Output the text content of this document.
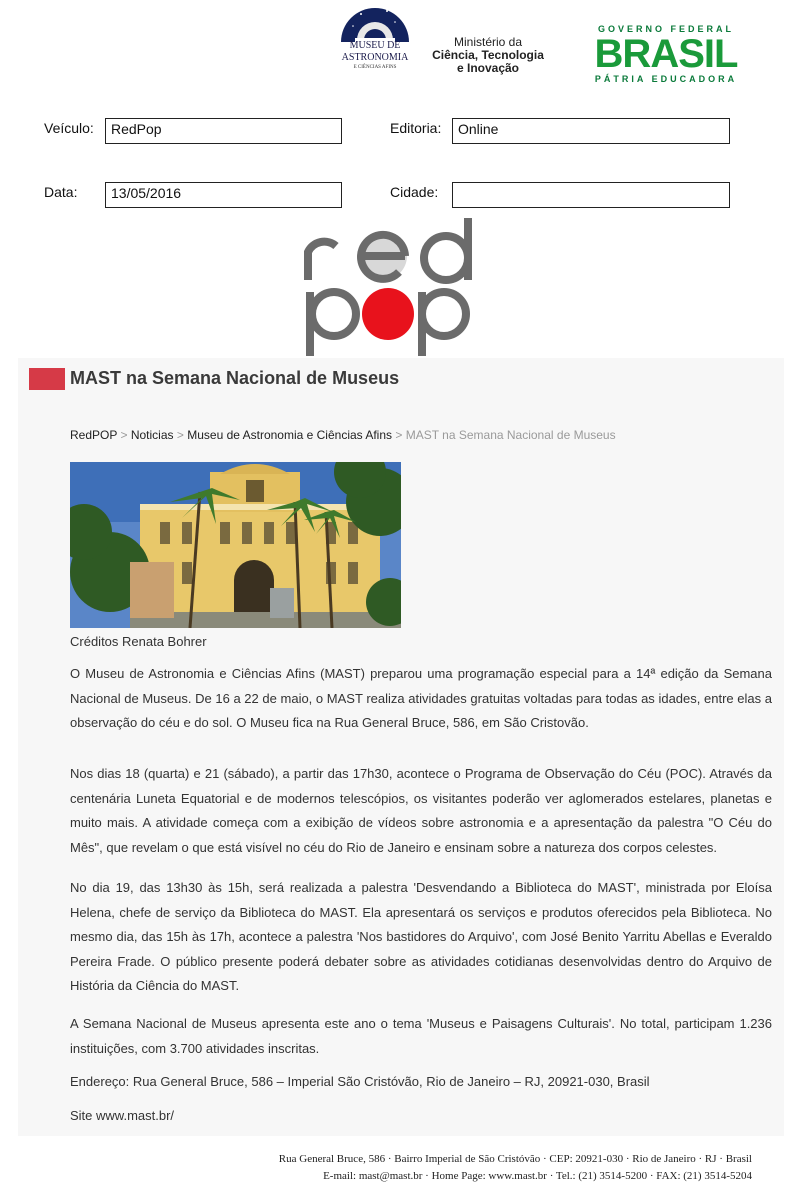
MUSEU DE
ASTRONOMIA
E CIÊNCIAS AFINS
Ministério da
Ciência, Tecnologia
e Inovação
GOVERNO FEDERAL
BRASIL
PÁTRIA EDUCADORA
Veículo:	RedPop	Editoria:	Online
Data:	13/05/2016	Cidade:
MAST na Semana Nacional de Museus
RedPOP > Noticias > Museu de Astronomia e Ciências Afins > MAST na Semana Nacional de Museus
Créditos Renata Bohrer
O Museu de Astronomia e Ciências Afins (MAST) preparou uma programação especial para a 14ª edição da Semana Nacional de Museus. De 16 a 22 de maio, o MAST realiza atividades gratuitas voltadas para todas as idades, entre elas a observação do céu e do sol. O Museu fica na Rua General Bruce, 586, em São Cristovão.
Nos dias 18 (quarta) e 21 (sábado), a partir das 17h30, acontece o Programa de Observação do Céu (POC). Através da centenária Luneta Equatorial e de modernos telescópios, os visitantes poderão ver aglomerados estelares, planetas e muito mais. A atividade começa com a exibição de vídeos sobre astronomia e a apresentação da palestra "O Céu do Mês", que revelam o que está visível no céu do Rio de Janeiro e ensinam sobre a natureza dos corpos celestes.
No dia 19, das 13h30 às 15h, será realizada a palestra 'Desvendando a Biblioteca do MAST', ministrada por Eloísa Helena, chefe de serviço da Biblioteca do MAST. Ela apresentará os serviços e produtos oferecidos pela Biblioteca. No mesmo dia, das 15h às 17h, acontece a palestra 'Nos bastidores do Arquivo', com José Benito Yarritu Abellas e Everaldo Pereira Frade. O público presente poderá debater sobre as atividades cotidianas desenvolvidas dentro do Arquivo de História da Ciência do MAST.
A Semana Nacional de Museus apresenta este ano o tema 'Museus e Paisagens Culturais'. No total, participam 1.236 instituições, com 3.700 atividades inscritas.
Endereço: Rua General Bruce, 586 – Imperial São Cristóvão, Rio de Janeiro – RJ, 20921-030, Brasil
Site www.mast.br/
Rua General Bruce, 586 · Bairro Imperial de São Cristóvão · CEP: 20921-030 · Rio de Janeiro · RJ · Brasil
E-mail: mast@mast.br · Home Page: www.mast.br · Tel.: (21) 3514-5200 · FAX: (21) 3514-5204
